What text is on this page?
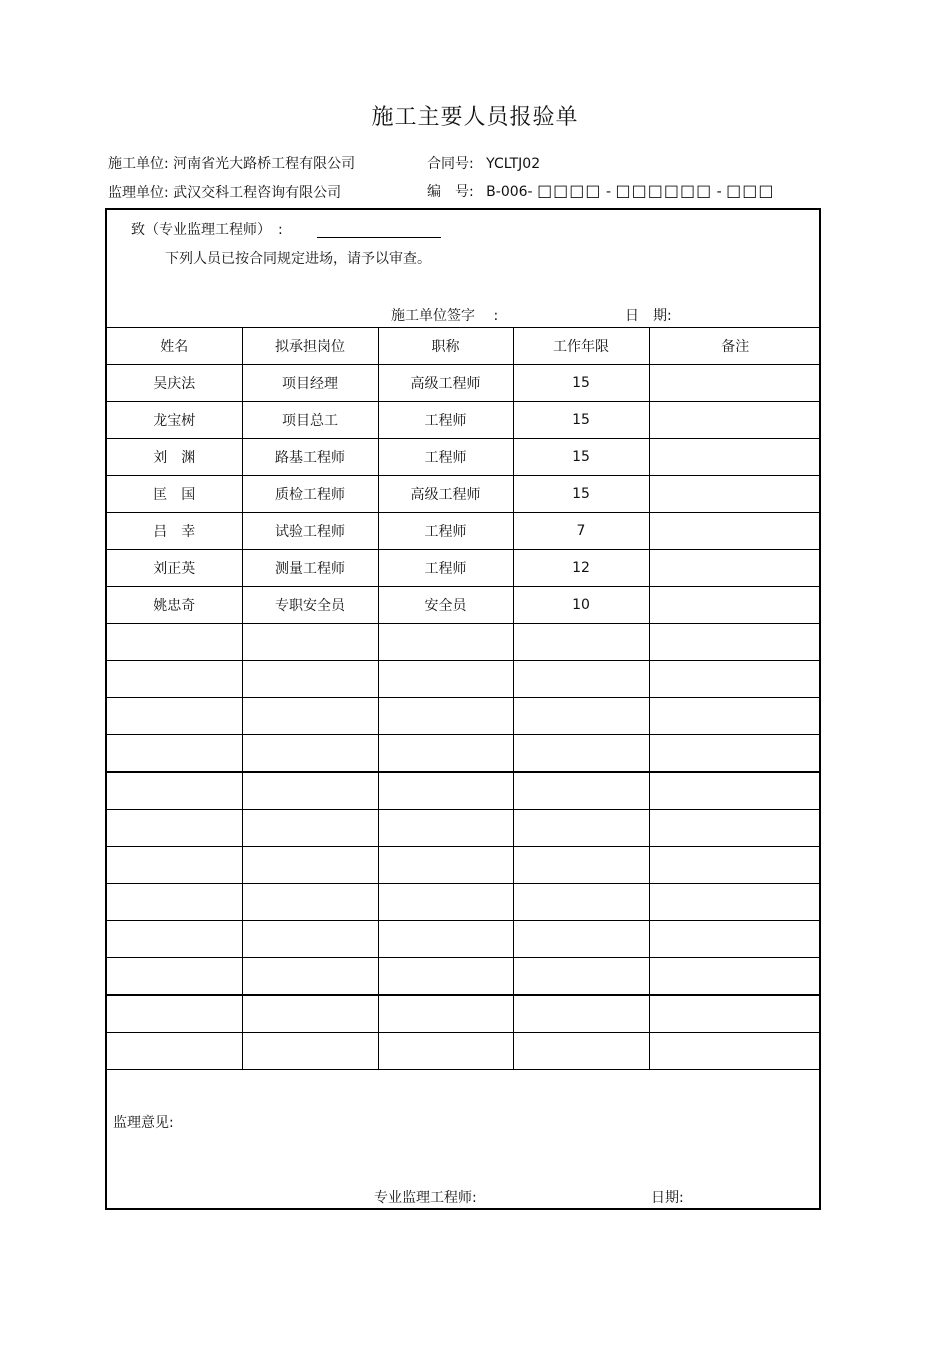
施工主要人员报验单
施工单位: 河南省光大路桥工程有限公司	合同号: YCLTJ02
监理单位: 武汉交科工程咨询有限公司	编　号: B-006- □□□□ - □□□□□□ - □□□
致（专业监理工程师）　:
下列人员已按合同规定进场，请予以审查。
施工单位签字　 :	日　期:
姓名	拟承担岗位	职称	工作年限	备注
吴庆法	项目经理	高级工程师	15	
龙宝树	项目总工	工程师	15	
刘　渊	路基工程师	工程师	15	
匡　国	质检工程师	高级工程师	15	
吕　幸	试验工程师	工程师	7	
刘正英	测量工程师	工程师	12	
姚忠奇	专职安全员	安全员	10	

监理意见:
专业监理工程师:	日期:
